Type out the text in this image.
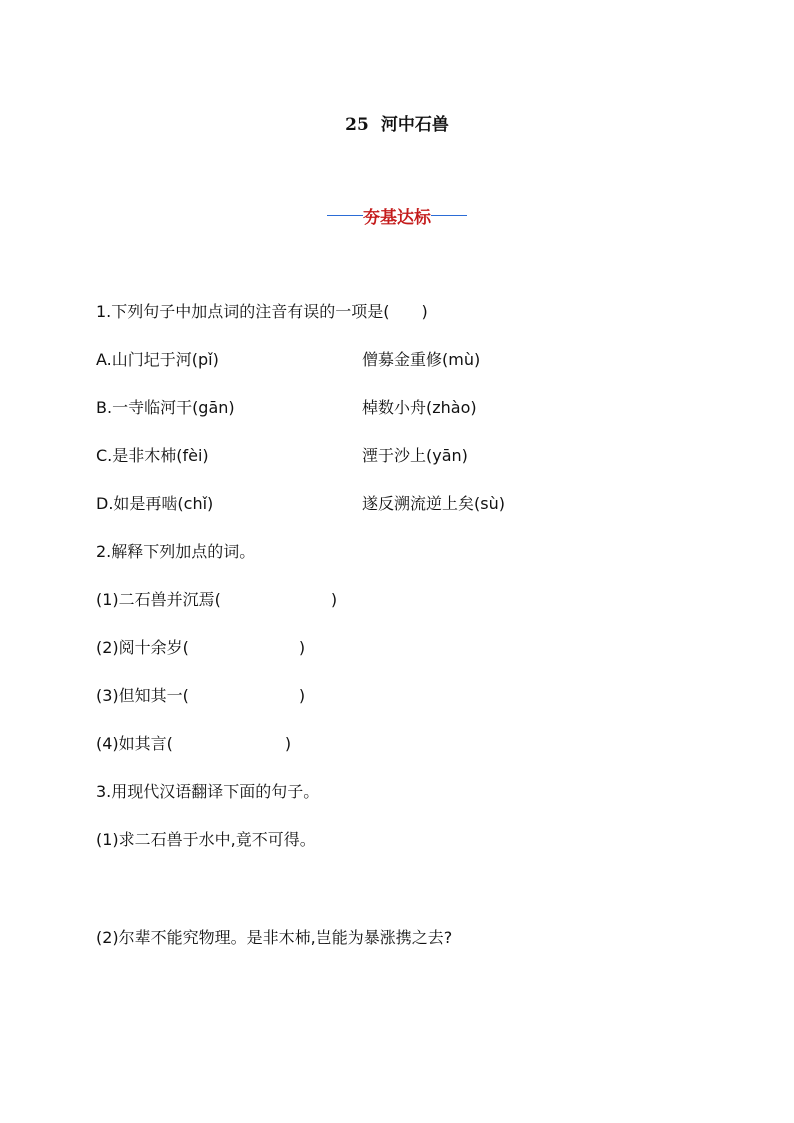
25 河中石兽
夯基达标
1.下列句子中加点词的注音有误的一项是(　　)
A.山门圮于河(pǐ)	僧募金重修(mù)
B.一寺临河干(gān)	棹数小舟(zhào)
C.是非木杮(fèi)	湮于沙上(yān)
D.如是再啮(chǐ)	遂反溯流逆上矣(sù)
2.解释下列加点的词。
(1)二石兽并沉焉(	)
(2)阅十余岁(	)
(3)但知其一(	)
(4)如其言(	)
3.用现代汉语翻译下面的句子。
(1)求二石兽于水中,竟不可得。
(2)尔辈不能究物理。是非木杮,岂能为暴涨携之去?
